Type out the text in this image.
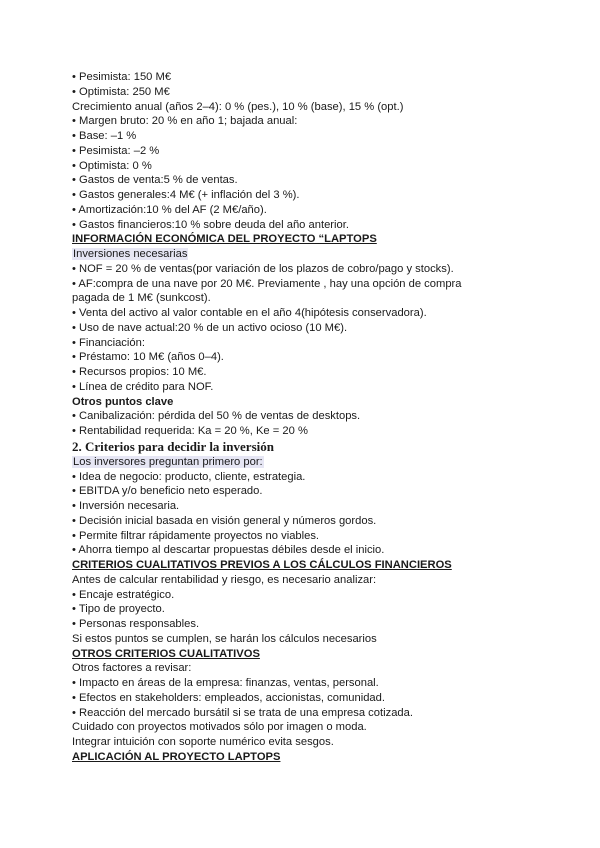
• Pesimista: 150 M€
• Optimista: 250 M€
Crecimiento anual (años 2–4): 0 % (pes.), 10 % (base), 15 % (opt.)
• Margen bruto: 20 % en año 1; bajada anual:
• Base: –1 %
• Pesimista: –2 %
• Optimista: 0 %
• Gastos de venta:5 % de ventas.
• Gastos generales:4 M€ (+ inflación del 3 %).
• Amortización:10 % del AF (2 M€/año).
• Gastos financieros:10 % sobre deuda del año anterior.
INFORMACIÓN ECONÓMICA DEL PROYECTO “LAPTOPS
Inversiones necesarias
• NOF = 20 % de ventas(por variación de los plazos de cobro/pago y stocks).
• AF:compra de una nave por 20 M€. Previamente , hay una opción de compra
pagada de 1 M€ (sunkcost).
• Venta del activo al valor contable en el año 4(hipótesis conservadora).
• Uso de nave actual:20 % de un activo ocioso (10 M€).
• Financiación:
• Préstamo: 10 M€ (años 0–4).
• Recursos propios: 10 M€.
• Línea de crédito para NOF.
Otros puntos clave
• Canibalización: pérdida del 50 % de ventas de desktops.
• Rentabilidad requerida: Ka = 20 %, Ke = 20 %
2. Criterios para decidir la inversión
Los inversores preguntan primero por:
• Idea de negocio: producto, cliente, estrategia.
• EBITDA y/o beneficio neto esperado.
• Inversión necesaria.
• Decisión inicial basada en visión general y números gordos.
• Permite filtrar rápidamente proyectos no viables.
• Ahorra tiempo al descartar propuestas débiles desde el inicio.
CRITERIOS CUALITATIVOS PREVIOS A LOS CÁLCULOS FINANCIEROS
Antes de calcular rentabilidad y riesgo, es necesario analizar:
• Encaje estratégico.
• Tipo de proyecto.
• Personas responsables.
Si estos puntos se cumplen, se harán los cálculos necesarios
OTROS CRITERIOS CUALITATIVOS
Otros factores a revisar:
• Impacto en áreas de la empresa: finanzas, ventas, personal.
• Efectos en stakeholders: empleados, accionistas, comunidad.
• Reacción del mercado bursátil si se trata de una empresa cotizada.
Cuidado con proyectos motivados sólo por imagen o moda.
Integrar intuición con soporte numérico evita sesgos.
APLICACIÓN AL PROYECTO LAPTOPS
